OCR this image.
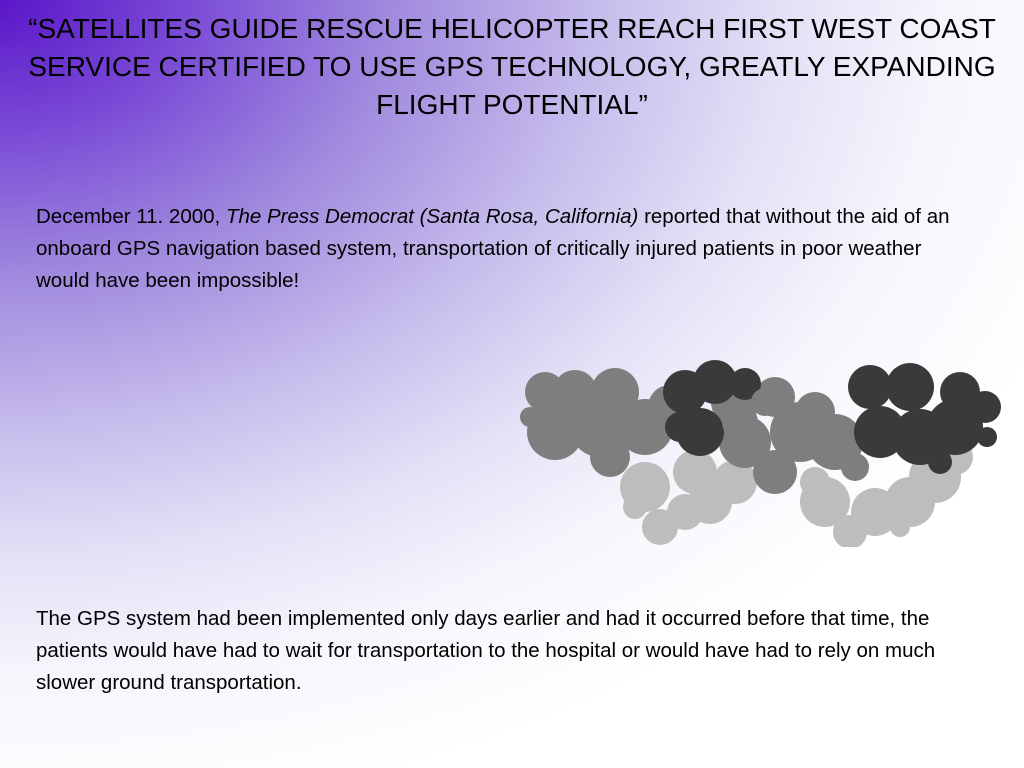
“SATELLITES GUIDE RESCUE HELICOPTER REACH FIRST WEST COAST SERVICE CERTIFIED TO USE GPS TECHNOLOGY, GREATLY EXPANDING FLIGHT POTENTIAL”

December 11. 2000, The Press Democrat (Santa Rosa, California) reported that without the aid of an onboard GPS navigation based system, transportation of critically injured patients in poor weather would have been impossible!

The GPS system had been implemented only days earlier and had it occurred before that time, the patients would have had to wait for transportation to the hospital or would have had to rely on much slower ground transportation.
